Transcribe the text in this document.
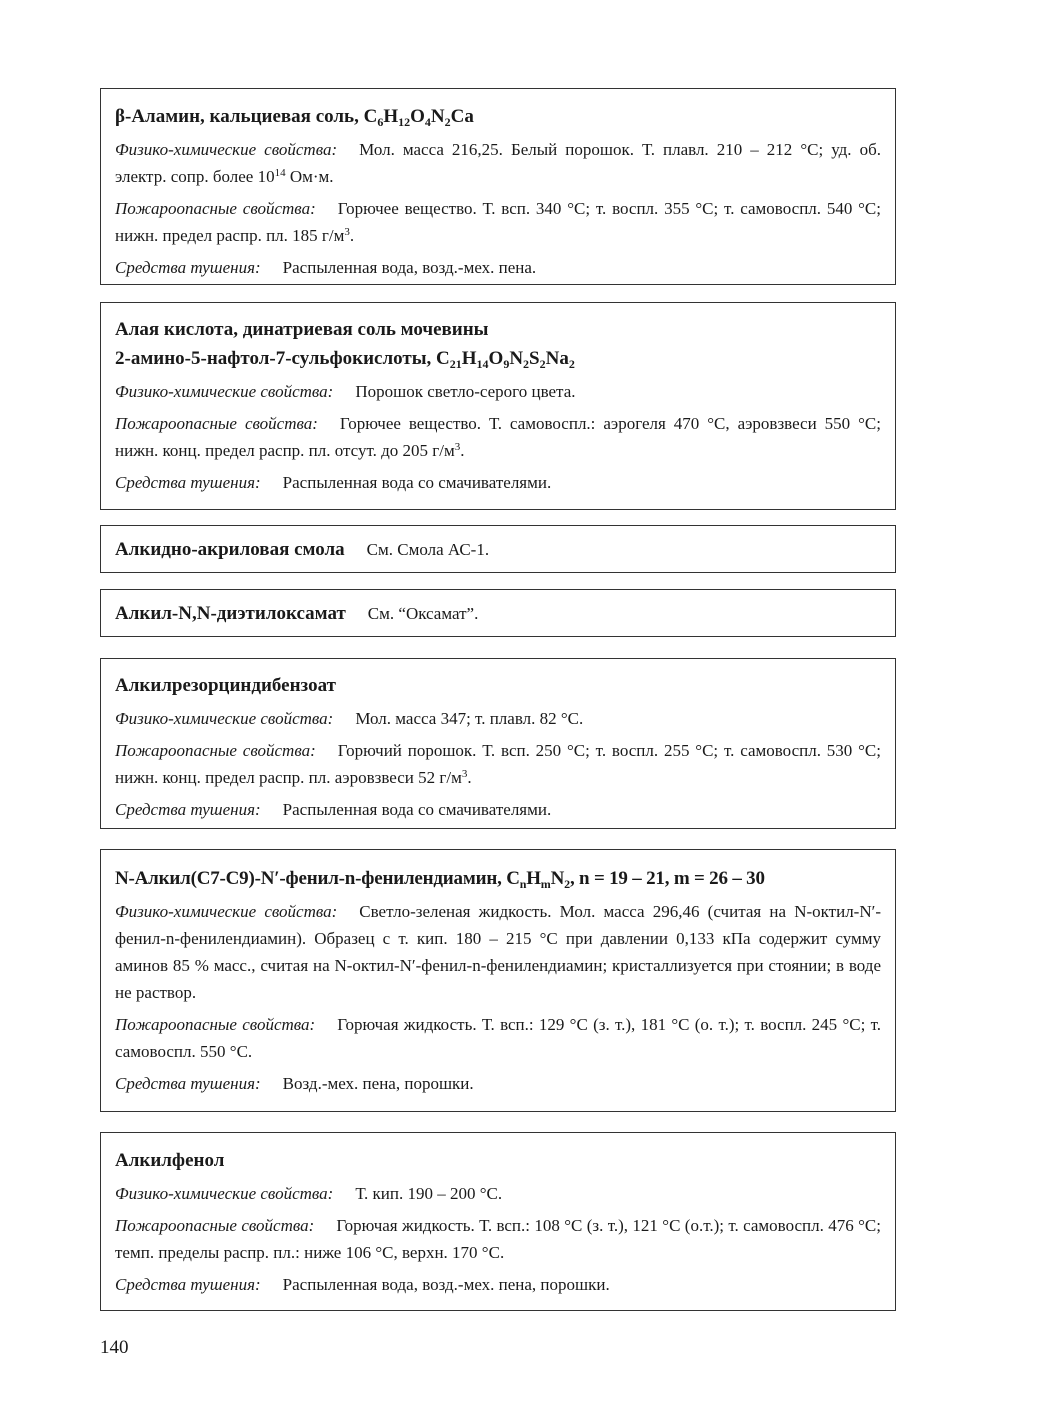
β-Аламин, кальциевая соль, $C_6H_{12}O_4N_2Ca$
Физико-химические свойства: Мол. масса 216,25. Белый порошок. Т. плавл. 210 – 212 °C; уд. об. электр. сопр. более $10^{14}$ Ом·м.
Пожароопасные свойства: Горючее вещество. Т. всп. 340 °C; т. воспл. 355 °C; т. самовоспл. 540 °C; нижн. предел распр. пл. 185 $г/м^3$.
Средства тушения: Распыленная вода, возд.-мех. пена.
Алая кислота, динатриевая соль мочевины
2-амино-5-нафтол-7-сульфокислоты, $C_{21}H_{14}O_9N_2S_2Na_2$
Физико-химические свойства: Порошок светло-серого цвета.
Пожароопасные свойства: Горючее вещество. Т. самовоспл.: аэрогеля 470 °C, аэровзвеси 550 °C; нижн. конц. предел распр. пл. отсут. до 205 $г/м^3$.
Средства тушения: Распыленная вода со смачивателями.
Алкидно-акриловая смола См. Смола АС-1.
Алкил-N,N-диэтилоксамат См. “Оксамат”.
Алкилрезорциндибензоат
Физико-химические свойства: Мол. масса 347; т. плавл. 82 °C.
Пожароопасные свойства: Горючий порошок. Т. всп. 250 °C; т. воспл. 255 °C; т. самовоспл. 530 °C; нижн. конц. предел распр. пл. аэровзвеси 52 $г/м^3$.
Средства тушения: Распыленная вода со смачивателями.
N-Алкил(C7-C9)-N′-фенил-n-фенилендиамин, $C_nH_mN_2$, n = 19 – 21, m = 26 – 30
Физико-химические свойства: Светло-зеленая жидкость. Мол. масса 296,46 (считая на N-октил-N′-фенил-n-фенилендиамин). Образец с т. кип. 180 – 215 °C при давлении 0,133 кПа содержит сумму аминов 85 % масс., считая на N-октил-N′-фенил-n-фенилендиамин; кристаллизуется при стоянии; в воде не раствор.
Пожароопасные свойства: Горючая жидкость. Т. всп.: 129 °C (з. т.), 181 °C (о. т.); т. воспл. 245 °C; т. самовоспл. 550 °C.
Средства тушения: Возд.-мех. пена, порошки.
Алкилфенол
Физико-химические свойства: Т. кип. 190 – 200 °C.
Пожароопасные свойства: Горючая жидкость. Т. всп.: 108 °C (з. т.), 121 °C (о.т.); т. самовоспл. 476 °C; темп. пределы распр. пл.: ниже 106 °C, верхн. 170 °C.
Средства тушения: Распыленная вода, возд.-мех. пена, порошки.
140
